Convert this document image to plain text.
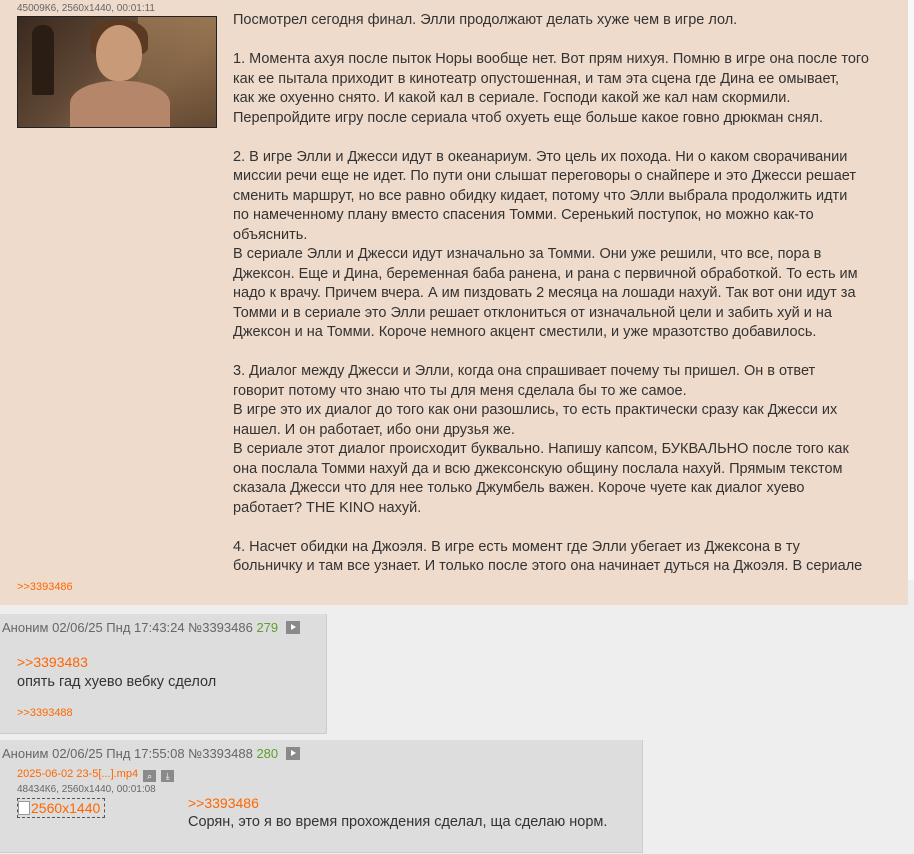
45009К6, 2560x1440, 00:01:11

Посмотрел сегодня финал. Элли продолжают делать хуже чем в игре лол.

1. Момента ахуя после пыток Норы вообще нет. Вот прям нихуя. Помню в игре она после того
как ее пытала приходит в кинотеатр опустошенная, и там эта сцена где Дина ее омывает,
как же охуенно снято. И какой кал в сериале. Господи какой же кал нам скормили.
Перепройдите игру после сериала чтоб охуеть еще больше какое говно дрюкман снял.

2. В игре Элли и Джесси идут в океанариум. Это цель их похода. Ни о каком сворачивании
миссии речи еще не идет. По пути они слышат переговоры о снайпере и это Джесси решает
сменить маршрут, но все равно обидку кидает, потому что Элли выбрала продолжить идти
по намеченному плану вместо спасения Томми. Серенький поступок, но можно как-то
объяснить.
В сериале Элли и Джесси идут изначально за Томми. Они уже решили, что все, пора в
Джексон. Еще и Дина, беременная баба ранена, и рана с первичной обработкой. То есть им
надо к врачу. Причем вчера. А им пиздовать 2 месяца на лошади нахуй. Так вот они идут за
Томми и в сериале это Элли решает отклониться от изначальной цели и забить хуй и на
Джексон и на Томми. Короче немного акцент сместили, и уже мразотство добавилось.

3. Диалог между Джесси и Элли, когда она спрашивает почему ты пришел. Он в ответ
говорит потому что знаю что ты для меня сделала бы то же самое.
В игре это их диалог до того как они разошлись, то есть практически сразу как Джесси их
нашел. И он работает, ибо они друзья же.
В сериале этот диалог происходит буквально. Напишу капсом, БУКВАЛЬНО после того как
она послала Томми нахуй да и всю джексонскую общину послала нахуй. Прямым текстом
сказала Джесси что для нее только Джумбель важен. Короче чуете как диалог хуево
работает? THE KINO нахуй.

4. Насчет обидки на Джоэля. В игре есть момент где Элли убегает из Джексона в ту
больничку и там все узнает. И только после этого она начинает дуться на Джоэля. В сериале

>>3393486
Аноним 02/06/25 Пнд 17:43:24 №3393486 279
>>3393483
опять гад хуево вебку сделол
>>3393488
Аноним 02/06/25 Пнд 17:55:08 №3393488 280
2025-06-02 23-5[...].mp4 ⌕ ⤓
48434К6, 2560x1440, 00:01:08
2560x1440	>>3393486
Сорян, это я во время прохождения сделал, ща сделаю норм.
